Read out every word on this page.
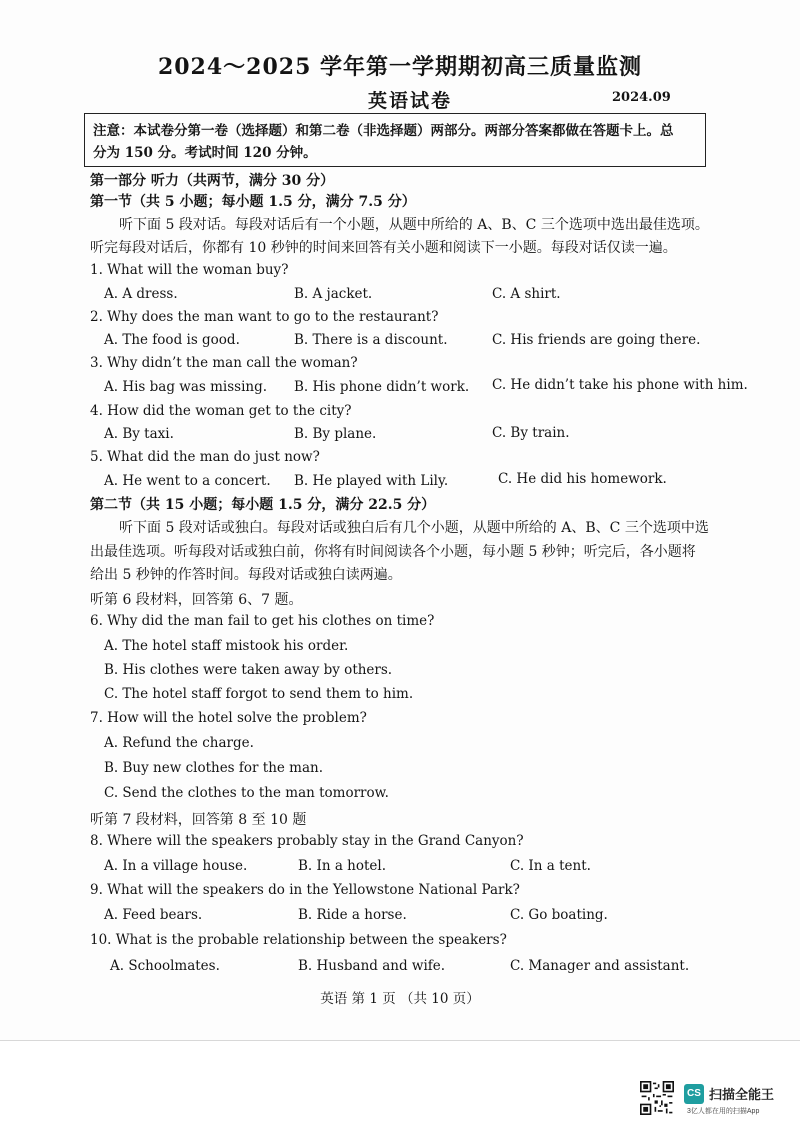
2024～2025 学年第一学期期初高三质量监测
英语试卷	2024.09
注意：本试卷分第一卷（选择题）和第二卷（非选择题）两部分。两部分答案都做在答题卡上。总
分为 150 分。考试时间 120 分钟。
第一部分 听力（共两节，满分 30 分）
第一节（共 5 小题；每小题 1.5 分，满分 7.5 分）
听下面 5 段对话。每段对话后有一个小题，从题中所给的 A、B、C 三个选项中选出最佳选项。
听完每段对话后，你都有 10 秒钟的时间来回答有关小题和阅读下一小题。每段对话仅读一遍。
1. What will the woman buy?
A. A dress.	B. A jacket.	C. A shirt.
2. Why does the man want to go to the restaurant?
A. The food is good.	B. There is a discount.	C. His friends are going there.
3. Why didn’t the man call the woman?
A. His bag was missing. B. His phone didn’t work. C. He didn’t take his phone with him.
4. How did the woman get to the city?
A. By taxi.	B. By plane.	C. By train.
5. What did the man do just now?
A. He went to a concert. B. He played with Lily.	C. He did his homework.
第二节（共 15 小题；每小题 1.5 分，满分 22.5 分）
听下面 5 段对话或独白。每段对话或独白后有几个小题，从题中所给的 A、B、C 三个选项中选
出最佳选项。听每段对话或独白前，你将有时间阅读各个小题，每小题 5 秒钟；听完后，各小题将
给出 5 秒钟的作答时间。每段对话或独白读两遍。
听第 6 段材料，回答第 6、7 题。
6. Why did the man fail to get his clothes on time?
A. The hotel staff mistook his order.
B. His clothes were taken away by others.
C. The hotel staff forgot to send them to him.
7. How will the hotel solve the problem?
A. Refund the charge.
B. Buy new clothes for the man.
C. Send the clothes to the man tomorrow.
听第 7 段材料，回答第 8 至 10 题
8. Where will the speakers probably stay in the Grand Canyon?
A. In a village house.	B. In a hotel.	C. In a tent.
9. What will the speakers do in the Yellowstone National Park?
A. Feed bears.	B. Ride a horse.	C. Go boating.
10. What is the probable relationship between the speakers?
A. Schoolmates.	B. Husband and wife.	C. Manager and assistant.
英语 第 1 页 （共 10 页）
CS 扫描全能王
3亿人都在用的扫描App
